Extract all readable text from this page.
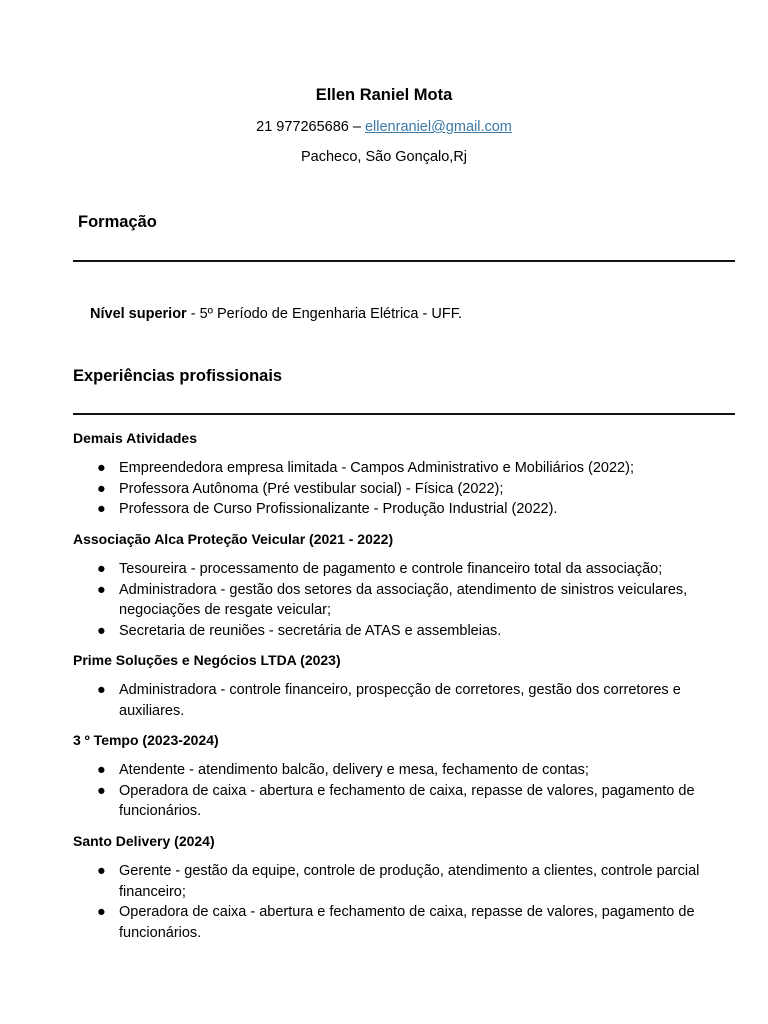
Ellen Raniel Mota
21 977265686 – ellenraniel@gmail.com
Pacheco, São Gonçalo,Rj
Formação
Nível superior - 5º Período de Engenharia Elétrica - UFF.
Experiências profissionais
Demais Atividades
● Empreendedora empresa limitada - Campos Administrativo e Mobiliários (2022);
● Professora Autônoma (Pré vestibular social) - Física (2022);
● Professora de Curso Profissionalizante - Produção Industrial (2022).
Associação Alca Proteção Veicular (2021 - 2022)
● Tesoureira - processamento de pagamento e controle financeiro total da associação;
● Administradora - gestão dos setores da associação, atendimento de sinistros veiculares, negociações de resgate veicular;
● Secretaria de reuniões - secretária de ATAS e assembleias.
Prime Soluções e Negócios LTDA (2023)
● Administradora - controle financeiro, prospecção de corretores, gestão dos corretores e auxiliares.
3 º Tempo (2023-2024)
● Atendente - atendimento balcão, delivery e mesa, fechamento de contas;
● Operadora de caixa - abertura e fechamento de caixa, repasse de valores, pagamento de funcionários.
Santo Delivery (2024)
● Gerente - gestão da equipe, controle de produção, atendimento a clientes, controle parcial financeiro;
● Operadora de caixa - abertura e fechamento de caixa, repasse de valores, pagamento de funcionários.
